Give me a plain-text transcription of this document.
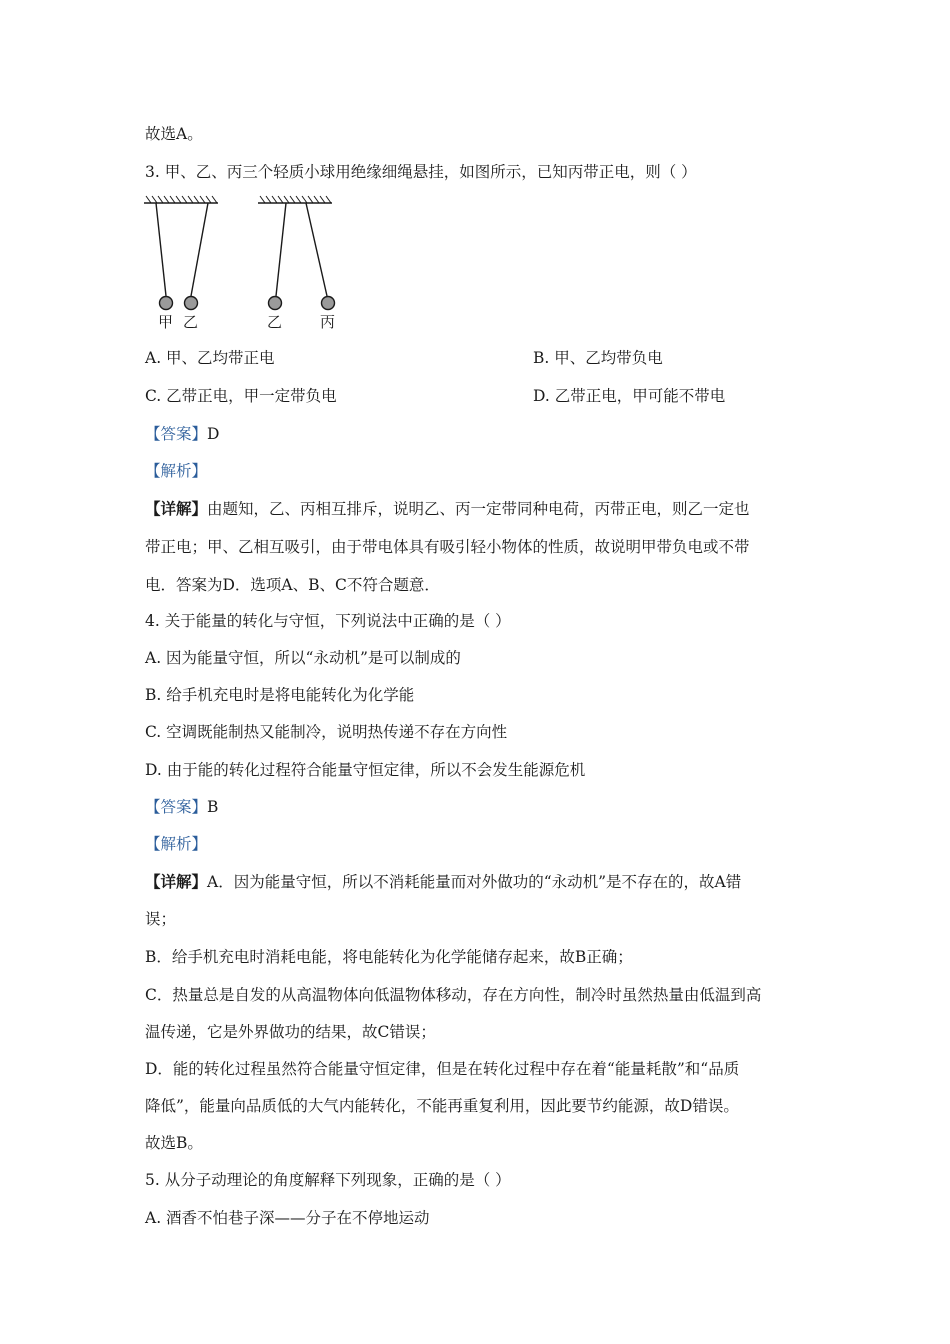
故选A。
3. 甲、乙、丙三个轻质小球用绝缘细绳悬挂，如图所示，已知丙带正电，则（ ）
甲 乙	乙	丙
A. 甲、乙均带正电	B. 甲、乙均带负电
C. 乙带正电，甲一定带负电	D. 乙带正电，甲可能不带电
【答案】D
【解析】
【详解】由题知，乙、丙相互排斥，说明乙、丙一定带同种电荷，丙带正电，则乙一定也
带正电；甲、乙相互吸引，由于带电体具有吸引轻小物体的性质，故说明甲带负电或不带
电．答案为D．选项A、B、C不符合题意．
4. 关于能量的转化与守恒，下列说法中正确的是（ ）
A. 因为能量守恒，所以“永动机”是可以制成的
B. 给手机充电时是将电能转化为化学能
C. 空调既能制热又能制冷，说明热传递不存在方向性
D. 由于能的转化过程符合能量守恒定律，所以不会发生能源危机
【答案】B
【解析】
【详解】A．因为能量守恒，所以不消耗能量而对外做功的“永动机”是不存在的，故A错
误；
B．给手机充电时消耗电能，将电能转化为化学能储存起来，故B正确；
C．热量总是自发的从高温物体向低温物体移动，存在方向性，制冷时虽然热量由低温到高
温传递，它是外界做功的结果，故C错误；
D．能的转化过程虽然符合能量守恒定律，但是在转化过程中存在着“能量耗散”和“品质
降低”，能量向品质低的大气内能转化，不能再重复利用，因此要节约能源，故D错误。
故选B。
5. 从分子动理论的角度解释下列现象，正确的是（ ）
A. 酒香不怕巷子深——分子在不停地运动
